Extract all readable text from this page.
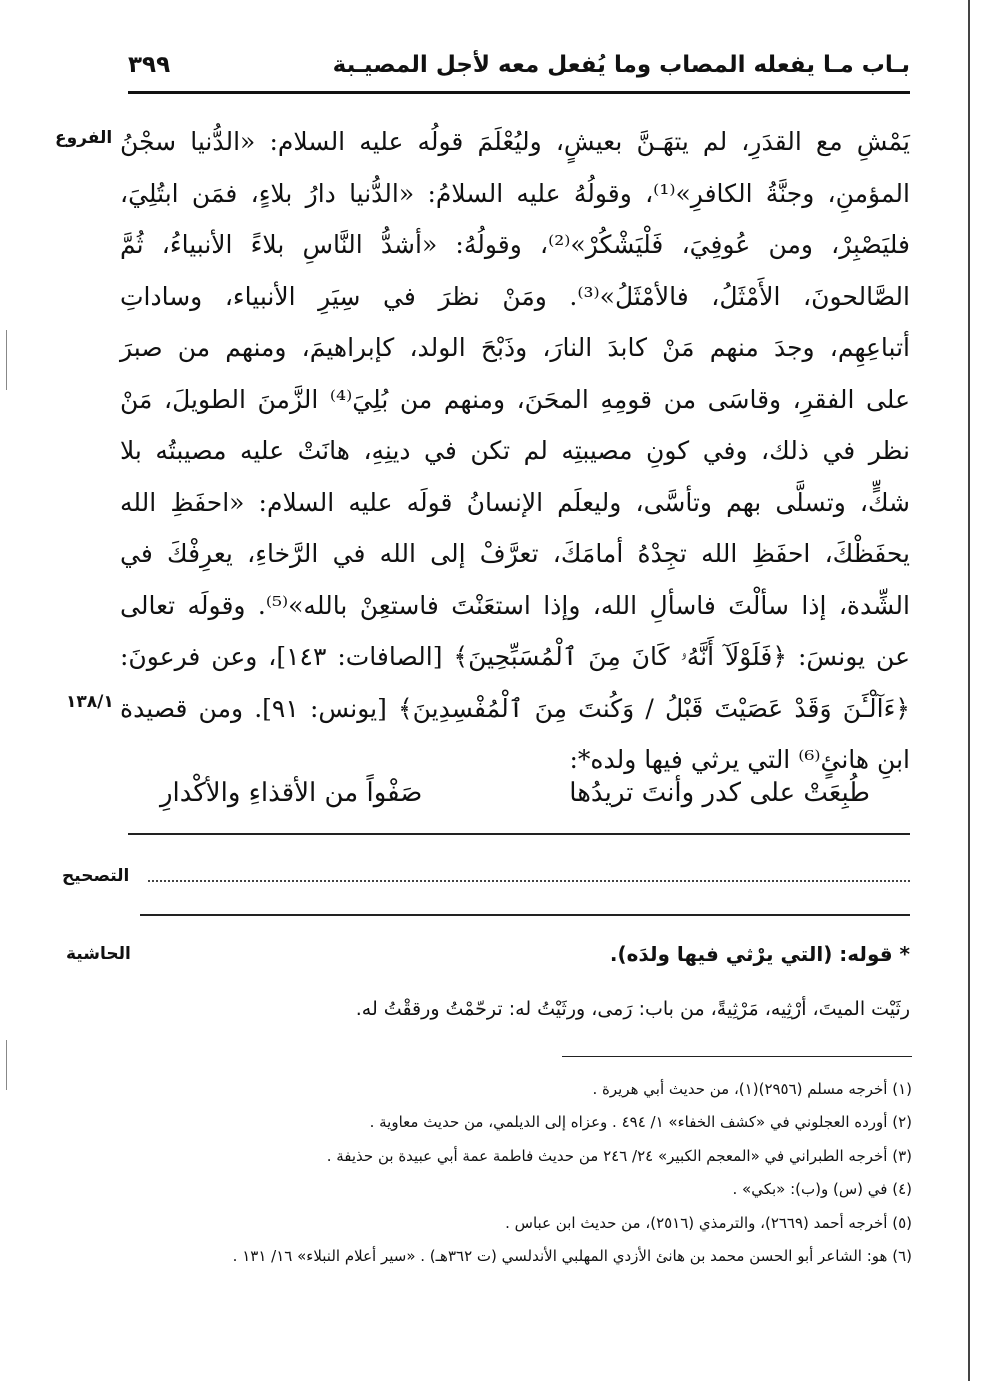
بـاب مـا يفعله المصاب وما يُفعل معه لأجل المصيـبة
٣٩٩
الفروع
١٣٨/١

يَمْشِ مع القدَرِ، لم يتهَـنَّ بعيشٍ، وليُعْلَمَ قولُه عليه السلام: «الدُّنيا سجْنُ
المؤمنِ، وجنَّةُ الكافرِ»⁽¹⁾، وقولُهُ عليه السلامُ: «الدُّنيا دارُ بلاءٍ، فمَن ابتُلِيَ،
فليَصْبِرْ، ومن عُوفِيَ، فَلْيَشْكُرْ»⁽²⁾، وقولُهُ: «أشدُّ النَّاسِ بلاءً الأنبياءُ، ثُمَّ
الصَّالحونَ، الأَمْثَلُ، فالأمْثَلُ»⁽³⁾. ومَنْ نظرَ في سِيَرِ الأنبياء، وساداتِ
أتباعِهِم، وجدَ منهم مَنْ كابدَ النارَ، وذَبْحَ الولد، كإبراهيمَ، ومنهم من صبرَ
على الفقرِ، وقاسَى من قومِهِ المحَنَ، ومنهم من بُلِيَ⁽⁴⁾ الزَّمنَ الطويلَ، مَنْ
نظر في ذلك، وفي كونِ مصيبتِه لم تكن في دينِهِ، هانَتْ عليه مصيبتُه بلا
شكٍّ، وتسلَّى بهم وتأسَّى، وليعلَم الإنسانُ قولَه عليه السلام: «احفَظِ الله
يحفَظْكَ، احفَظِ الله تجِدْهُ أمامَكَ، تعرَّفْ إلى الله في الرَّخاءِ، يعرِفْكَ في
الشِّدة، إذا سألْتَ فاسألِ الله، وإذا استعَنْتَ فاستعِنْ بالله»⁽⁵⁾. وقولَه تعالى
عن يونسَ: ﴿فَلَوْلَآ أَنَّهُۥ كَانَ مِنَ ٱلْمُسَبِّحِينَ﴾ [الصافات: ١٤٣]، وعن فرعونَ:
﴿ءَآلْـَٔنَ وَقَدْ عَصَيْتَ قَبْلُ / وَكُنتَ مِنَ ٱلْمُفْسِدِينَ﴾ [يونس: ٩١]. ومن قصيدة
ابنِ هانئٍ⁽⁶⁾ التي يرثي فيها ولده*:

طُبِعَتْ على كدر وأنتَ تريدُها
صَفْواً من الأقذاءِ والأكْدارِ
التصحيح
الحاشية	* قوله: (التي يرْثي فيها ولدَه).
رثَيْت الميتَ، أرْثِيه، مَرْثِيةً، من باب: رَمى، ورثَيْتُ له: ترحّمْتُ ورققْتُ له.
(١) أخرجه مسلم (٢٩٥٦)(١)، من حديث أبي هريرة .
(٢) أورده العجلوني في «كشف الخفاء» ١/ ٤٩٤ . وعزاه إلى الديلمي، من حديث معاوية .
(٣) أخرجه الطبراني في «المعجم الكبير» ٢٤/ ٢٤٦ من حديث فاطمة عمة أبي عبيدة بن حذيفة .
(٤) في (س) و(ب): «بكي» .
(٥) أخرجه أحمد (٢٦٦٩)، والترمذي (٢٥١٦)، من حديث ابن عباس .
(٦) هو: الشاعر أبو الحسن محمد بن هانئ الأزدي المهلبي الأندلسي (ت ٣٦٢هـ) . «سير أعلام النبلاء» ١٦/ ١٣١ .
